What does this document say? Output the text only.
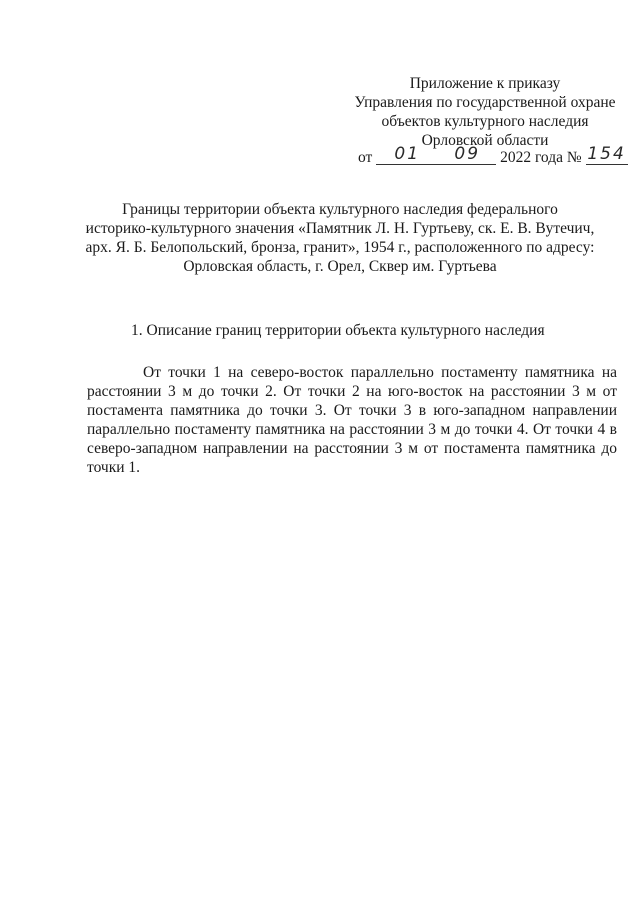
Приложение к приказу
Управления по государственной охране
объектов культурного наследия
Орловской области
от 01 09 2022 года № 154
Границы территории объекта культурного наследия федерального
историко-культурного значения «Памятник Л. Н. Гуртьеву, ск. Е. В. Вутечич,
арх. Я. Б. Белопольский, бронза, гранит», 1954 г., расположенного по адресу:
Орловская область, г. Орел, Сквер им. Гуртьева
1. Описание границ территории объекта культурного наследия
От точки 1 на северо-восток параллельно постаменту памятника на расстоянии 3 м до точки 2. От точки 2 на юго-восток на расстоянии 3 м от постамента памятника до точки 3. От точки 3 в юго-западном направлении параллельно постаменту памятника на расстоянии 3 м до точки 4. От точки 4 в северо-западном направлении на расстоянии 3 м от постамента памятника до точки 1.
